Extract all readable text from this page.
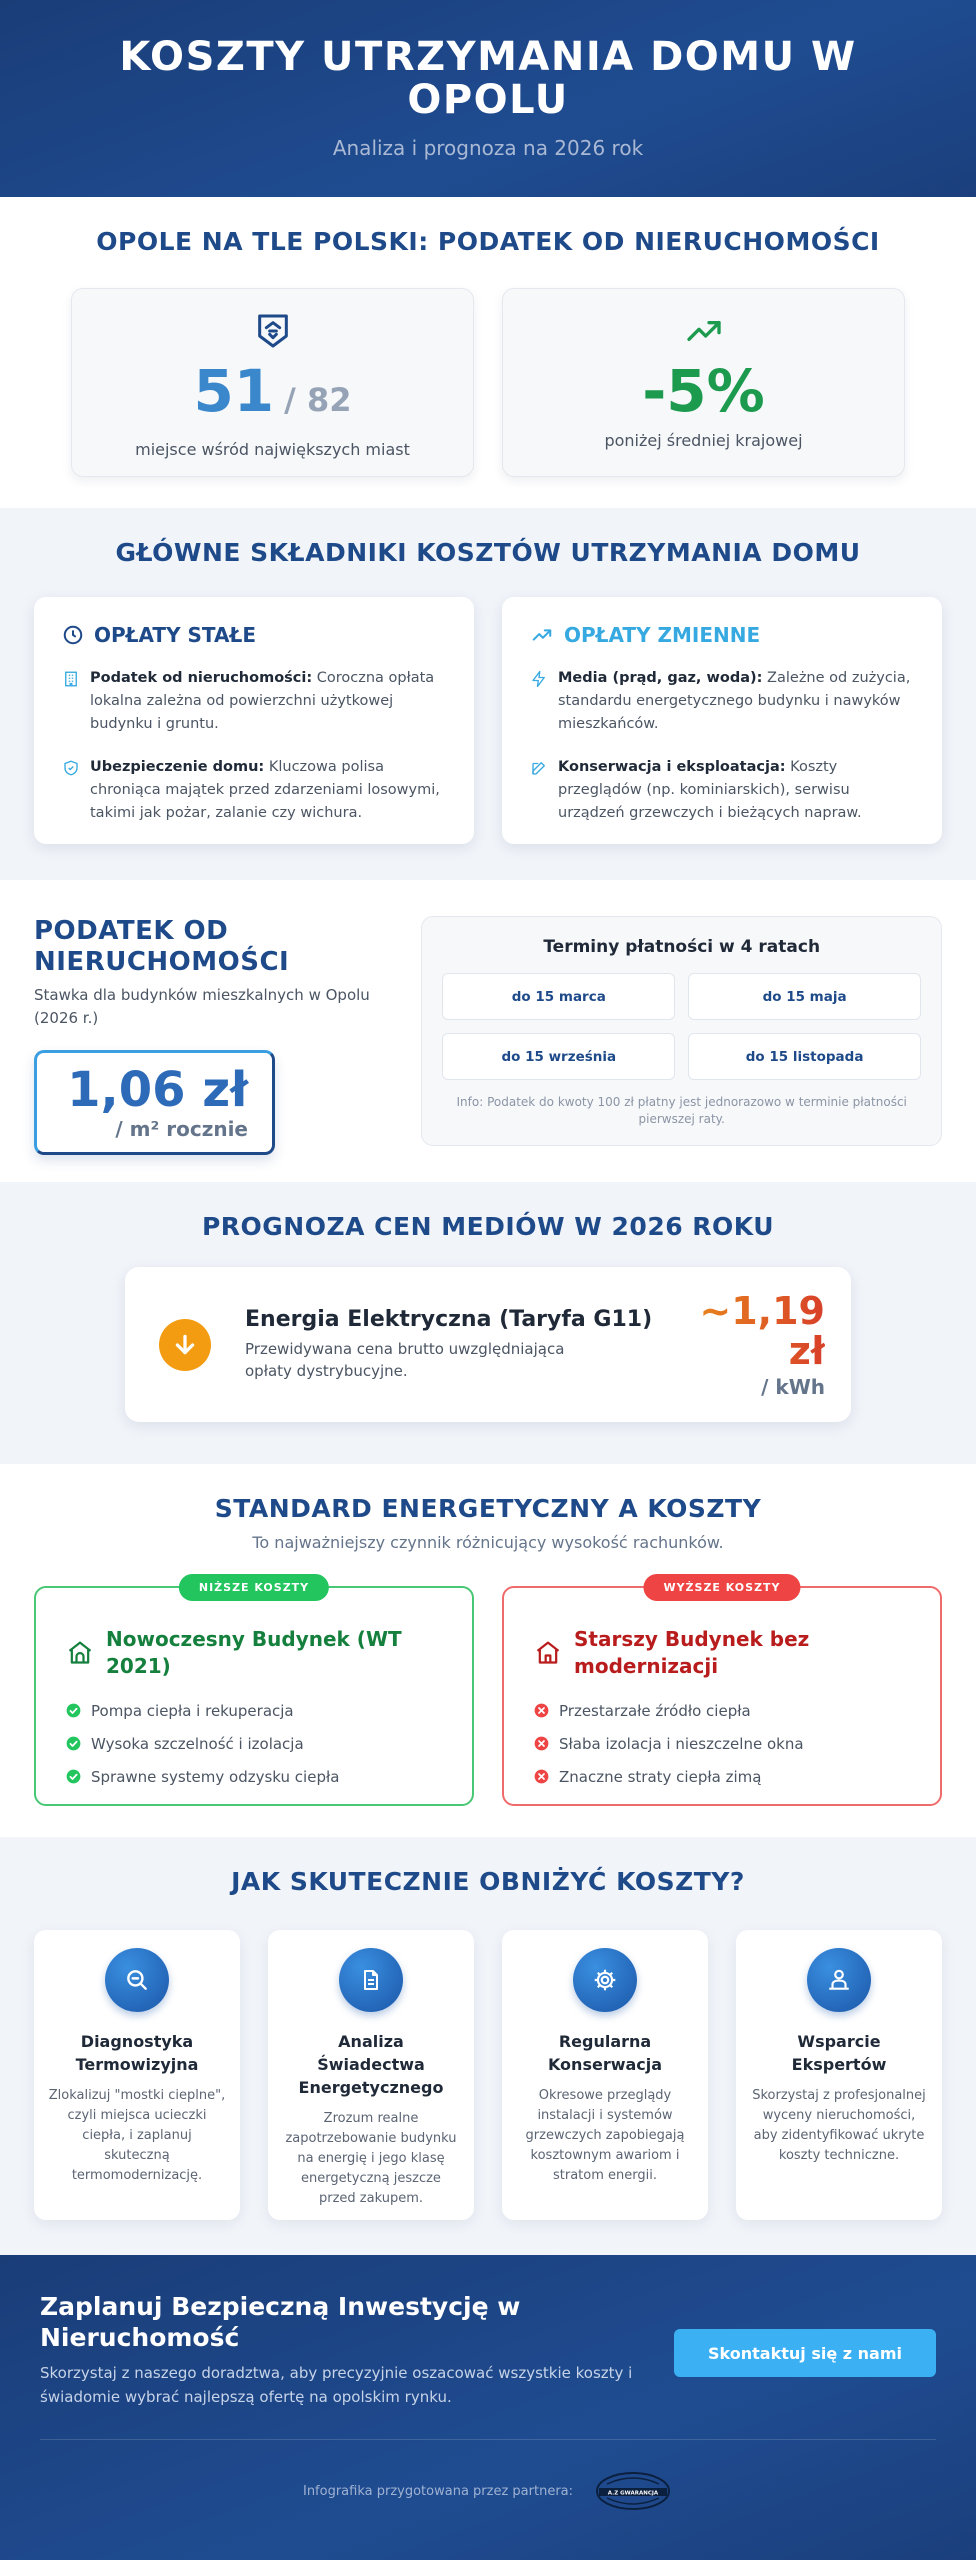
KOSZTY UTRZYMANIA DOMU W OPOLU
Analiza i prognoza na 2026 rok
OPOLE NA TLE POLSKI: PODATEK OD NIERUCHOMOŚCI
51 / 82
miejsce wśród największych miast
-5%
poniżej średniej krajowej
GŁÓWNE SKŁADNIKI KOSZTÓW UTRZYMANIA DOMU
OPŁATY STAŁE
Podatek od nieruchomości: Coroczna opłata lokalna zależna od powierzchni użytkowej budynku i gruntu.
Ubezpieczenie domu: Kluczowa polisa chroniąca majątek przed zdarzeniami losowymi, takimi jak pożar, zalanie czy wichura.
OPŁATY ZMIENNE
Media (prąd, gaz, woda): Zależne od zużycia, standardu energetycznego budynku i nawyków mieszkańców.
Konserwacja i eksploatacja: Koszty przeglądów (np. kominiarskich), serwisu urządzeń grzewczych i bieżących napraw.
PODATEK OD NIERUCHOMOŚCI
Stawka dla budynków mieszkalnych w Opolu (2026 r.)
1,06 zł
/ m² rocznie
Terminy płatności w 4 ratach
do 15 marca	do 15 maja
do 15 września	do 15 listopada
Info: Podatek do kwoty 100 zł płatny jest jednorazowo w terminie płatności pierwszej raty.
PROGNOZA CEN MEDIÓW W 2026 ROKU
Energia Elektryczna (Taryfa G11)
Przewidywana cena brutto uwzględniająca opłaty dystrybucyjne.
~1,19 zł
/ kWh
STANDARD ENERGETYCZNY A KOSZTY
To najważniejszy czynnik różnicujący wysokość rachunków.
NIŻSZE KOSZTY
Nowoczesny Budynek (WT 2021)
Pompa ciepła i rekuperacja
Wysoka szczelność i izolacja
Sprawne systemy odzysku ciepła
WYŻSZE KOSZTY
Starszy Budynek bez modernizacji
Przestarzałe źródło ciepła
Słaba izolacja i nieszczelne okna
Znaczne straty ciepła zimą
JAK SKUTECZNIE OBNIŻYĆ KOSZTY?
Diagnostyka Termowizyjna
Zlokalizuj "mostki cieplne", czyli miejsca ucieczki ciepła, i zaplanuj skuteczną termomodernizację.
Analiza Świadectwa Energetycznego
Zrozum realne zapotrzebowanie budynku na energię i jego klasę energetyczną jeszcze przed zakupem.
Regularna Konserwacja
Okresowe przeglądy instalacji i systemów grzewczych zapobiegają kosztownym awariom i stratom energii.
Wsparcie Ekspertów
Skorzystaj z profesjonalnej wyceny nieruchomości, aby zidentyfikować ukryte koszty techniczne.
Zaplanuj Bezpieczną Inwestycję w Nieruchomość

Skorzystaj z naszego doradztwa, aby precyzyjnie oszacować wszystkie koszty i świadomie wybrać najlepszą ofertę na opolskim rynku.

Skontaktuj się z nami
Infografika przygotowana przez partnera:	A.Z GWARANCJA
